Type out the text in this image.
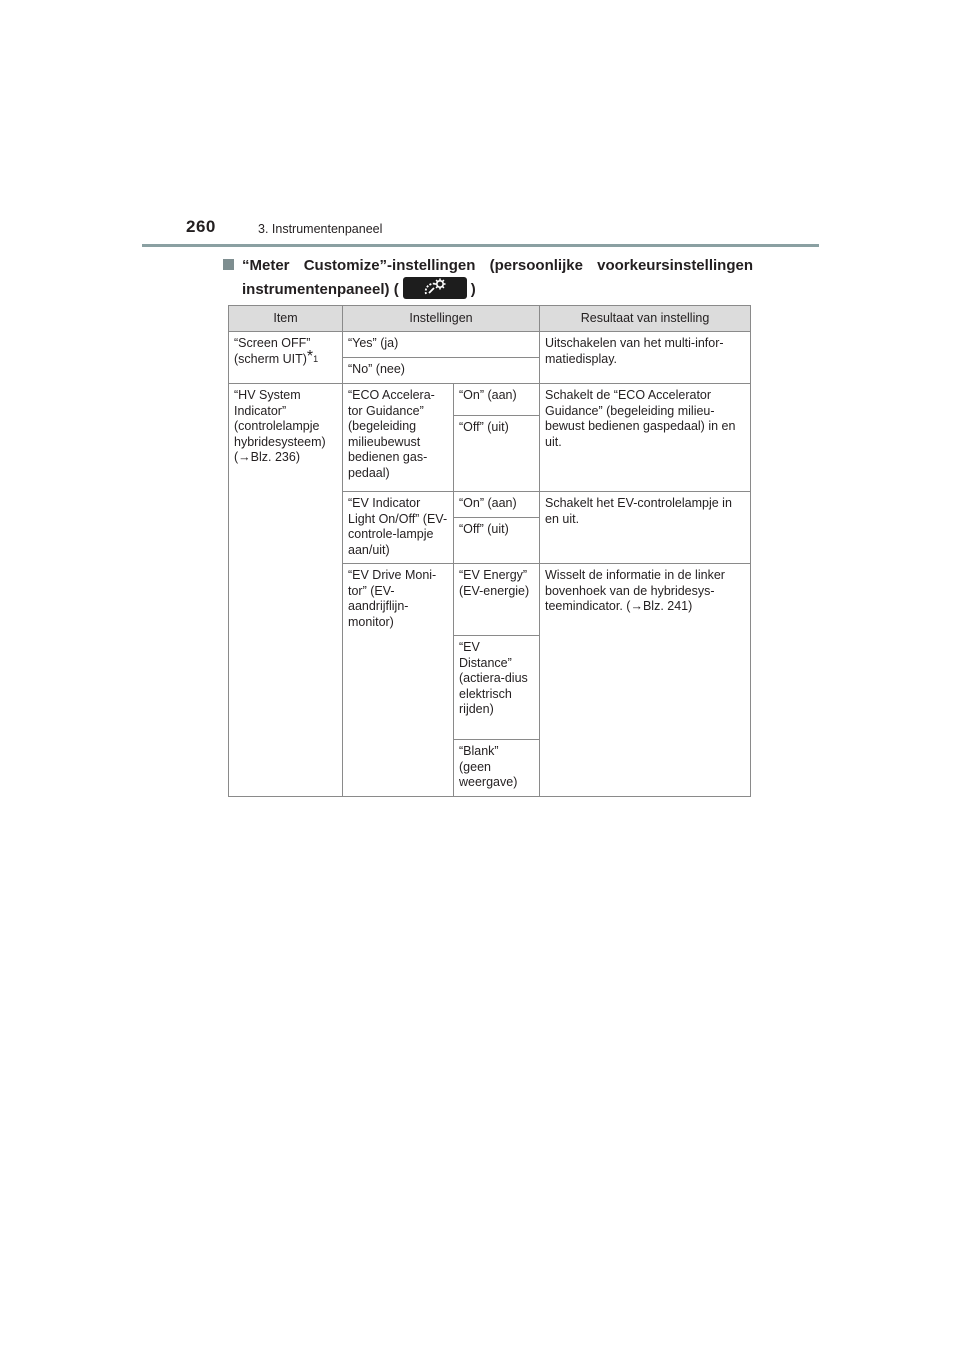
260	3. Instrumentenpaneel
“Meter Customize”-instellingen (persoonlijke voorkeursinstellingen
instrumentenpaneel) (	)
Item	Instellingen		Resultaat van instelling
“Screen OFF” (scherm UIT)*$^1$	“Yes” (ja)		Uitschakelen van het multi-infor-matiedisplay.
	“No” (nee)		
“HV System Indicator” (controlelampje hybridesysteem) (→Blz. 236)	“ECO Accelera-tor Guidance” (begeleiding milieubewust bedienen gas-pedaal)	“On” (aan)	Schakelt de “ECO Accelerator Guidance” (begeleiding milieu-bewust bedienen gaspedaal) in en uit.
		“Off” (uit)	
	“EV Indicator Light On/Off” (EV-controle-lampje aan/uit)	“On” (aan)	Schakelt het EV-controlelampje in en uit.
		“Off” (uit)	
	“EV Drive Moni-tor” (EV-aandrijflijn-monitor)	“EV Energy” (EV-energie)	Wisselt de informatie in de linker bovenhoek van de hybridesys-teemindicator. (→Blz. 241)
		“EV Distance” (actiera-dius elektrisch rijden)	
		“Blank” (geen weergave)	
